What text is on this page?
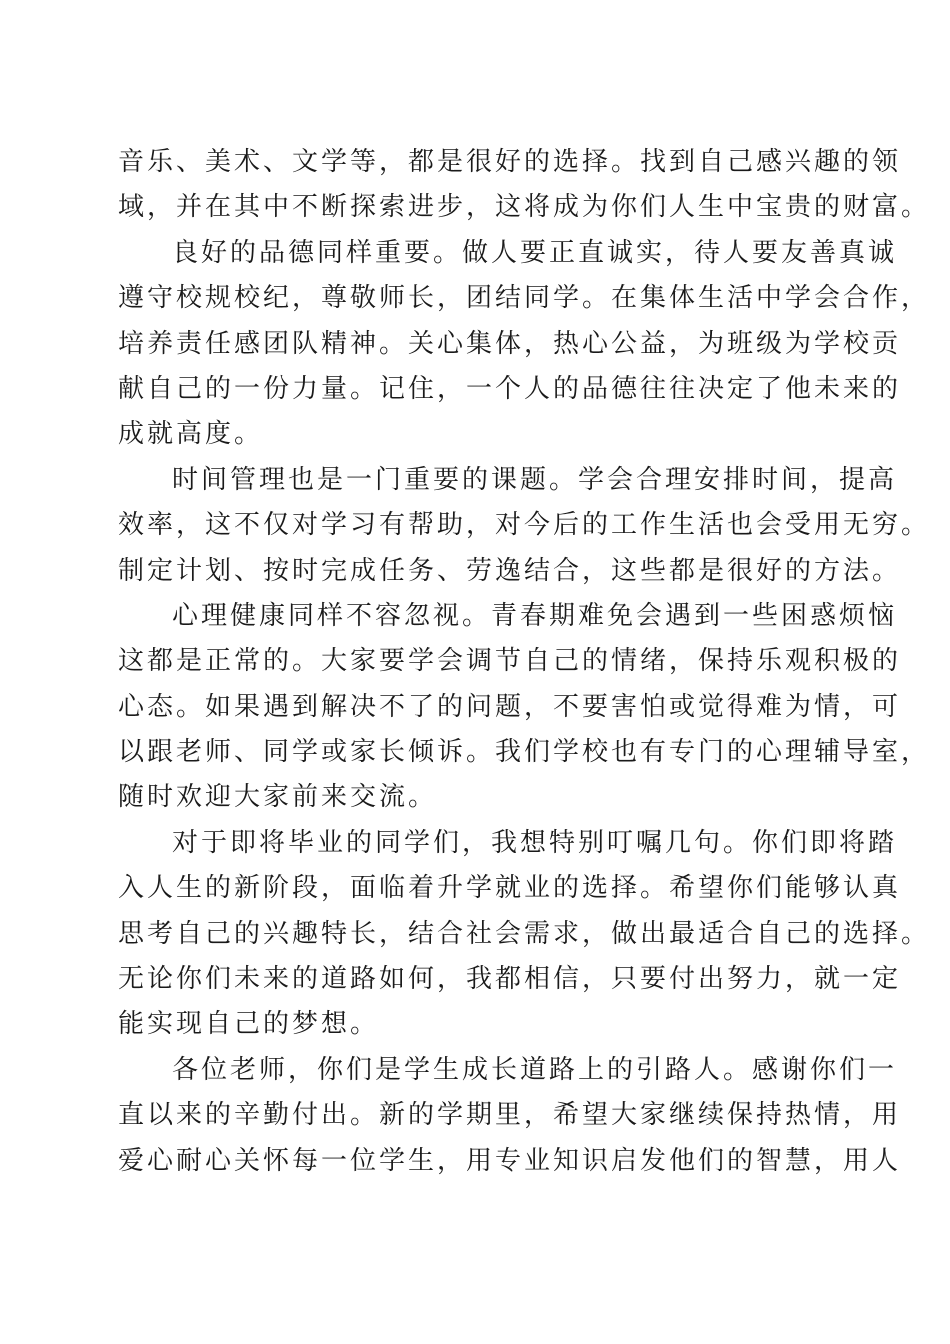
音乐、美术、文学等，都是很好的选择。找到自己感兴趣的领
域，并在其中不断探索进步，这将成为你们人生中宝贵的财富。
良好的品德同样重要。做人要正直诚实，待人要友善真诚
遵守校规校纪，尊敬师长，团结同学。在集体生活中学会合作，
培养责任感团队精神。关心集体，热心公益，为班级为学校贡
献自己的一份力量。记住，一个人的品德往往决定了他未来的
成就高度。
时间管理也是一门重要的课题。学会合理安排时间，提高
效率，这不仅对学习有帮助，对今后的工作生活也会受用无穷。
制定计划、按时完成任务、劳逸结合，这些都是很好的方法。
心理健康同样不容忽视。青春期难免会遇到一些困惑烦恼
这都是正常的。大家要学会调节自己的情绪，保持乐观积极的
心态。如果遇到解决不了的问题，不要害怕或觉得难为情，可
以跟老师、同学或家长倾诉。我们学校也有专门的心理辅导室，
随时欢迎大家前来交流。
对于即将毕业的同学们，我想特别叮嘱几句。你们即将踏
入人生的新阶段，面临着升学就业的选择。希望你们能够认真
思考自己的兴趣特长，结合社会需求，做出最适合自己的选择。
无论你们未来的道路如何，我都相信，只要付出努力，就一定
能实现自己的梦想。
各位老师，你们是学生成长道路上的引路人。感谢你们一
直以来的辛勤付出。新的学期里，希望大家继续保持热情，用
爱心耐心关怀每一位学生，用专业知识启发他们的智慧，用人
